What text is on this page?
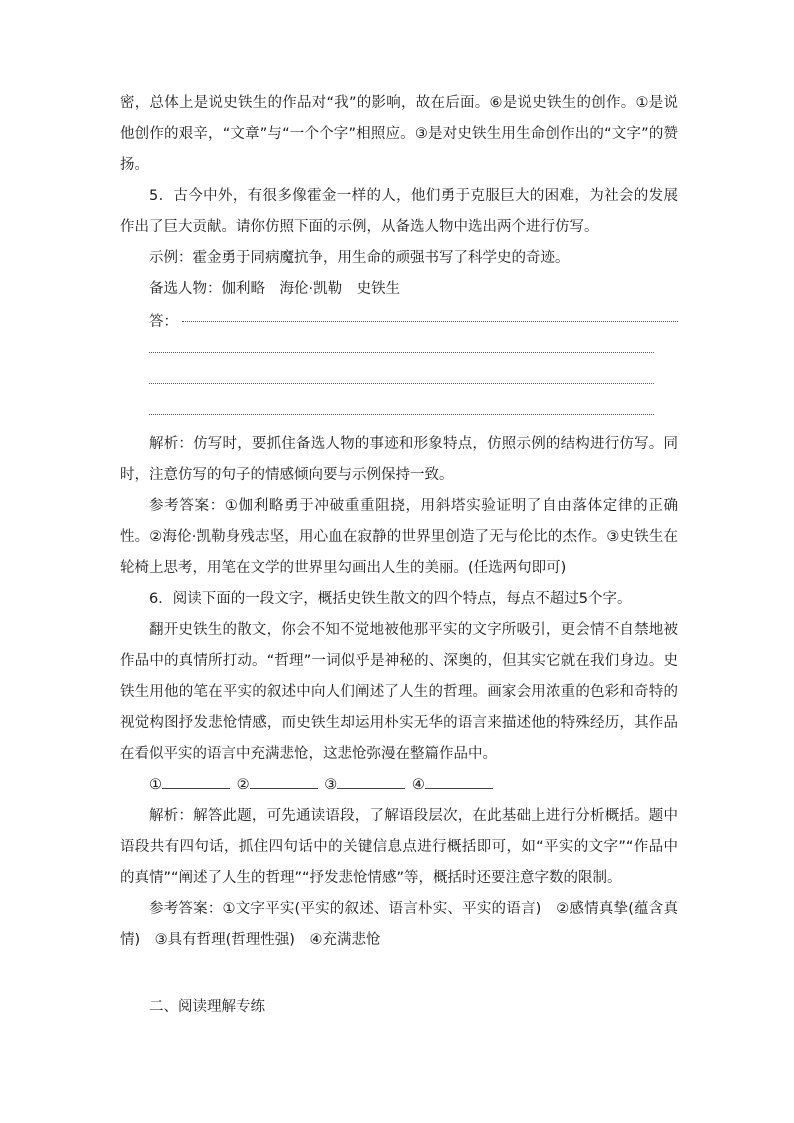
密，总体上是说史铁生的作品对“我”的影响，故在后面。⑥是说史铁生的创作。①是说他创作的艰辛，“文章”与“一个个字”相照应。③是对史铁生用生命创作出的“文字”的赞扬。

5．古今中外，有很多像霍金一样的人，他们勇于克服巨大的困难，为社会的发展作出了巨大贡献。请你仿照下面的示例，从备选人物中选出两个进行仿写。

示例：霍金勇于同病魔抗争，用生命的顽强书写了科学史的奇迹。

备选人物：伽利略　海伦·凯勒　史铁生

答：

解析：仿写时，要抓住备选人物的事迹和形象特点，仿照示例的结构进行仿写。同时，注意仿写的句子的情感倾向要与示例保持一致。

参考答案：①伽利略勇于冲破重重阻挠，用斜塔实验证明了自由落体定律的正确性。②海伦·凯勒身残志坚，用心血在寂静的世界里创造了无与伦比的杰作。③史铁生在轮椅上思考，用笔在文学的世界里勾画出人生的美丽。(任选两句即可)

6．阅读下面的一段文字，概括史铁生散文的四个特点，每点不超过5个字。

翻开史铁生的散文，你会不知不觉地被他那平实的文字所吸引，更会情不自禁地被作品中的真情所打动。“哲理”一词似乎是神秘的、深奥的，但其实它就在我们身边。史铁生用他的笔在平实的叙述中向人们阐述了人生的哲理。画家会用浓重的色彩和奇特的视觉构图抒发悲怆情感，而史铁生却运用朴实无华的语言来描述他的特殊经历，其作品在看似平实的语言中充满悲怆，这悲怆弥漫在整篇作品中。

①	②	③	④

解析：解答此题，可先通读语段，了解语段层次，在此基础上进行分析概括。题中语段共有四句话，抓住四句话中的关键信息点进行概括即可，如“平实的文字”“作品中的真情”“阐述了人生的哲理”“抒发悲怆情感”等，概括时还要注意字数的限制。

参考答案：①文字平实(平实的叙述、语言朴实、平实的语言)　②感情真挚(蕴含真情)　③具有哲理(哲理性强)　④充满悲怆

二、阅读理解专练
